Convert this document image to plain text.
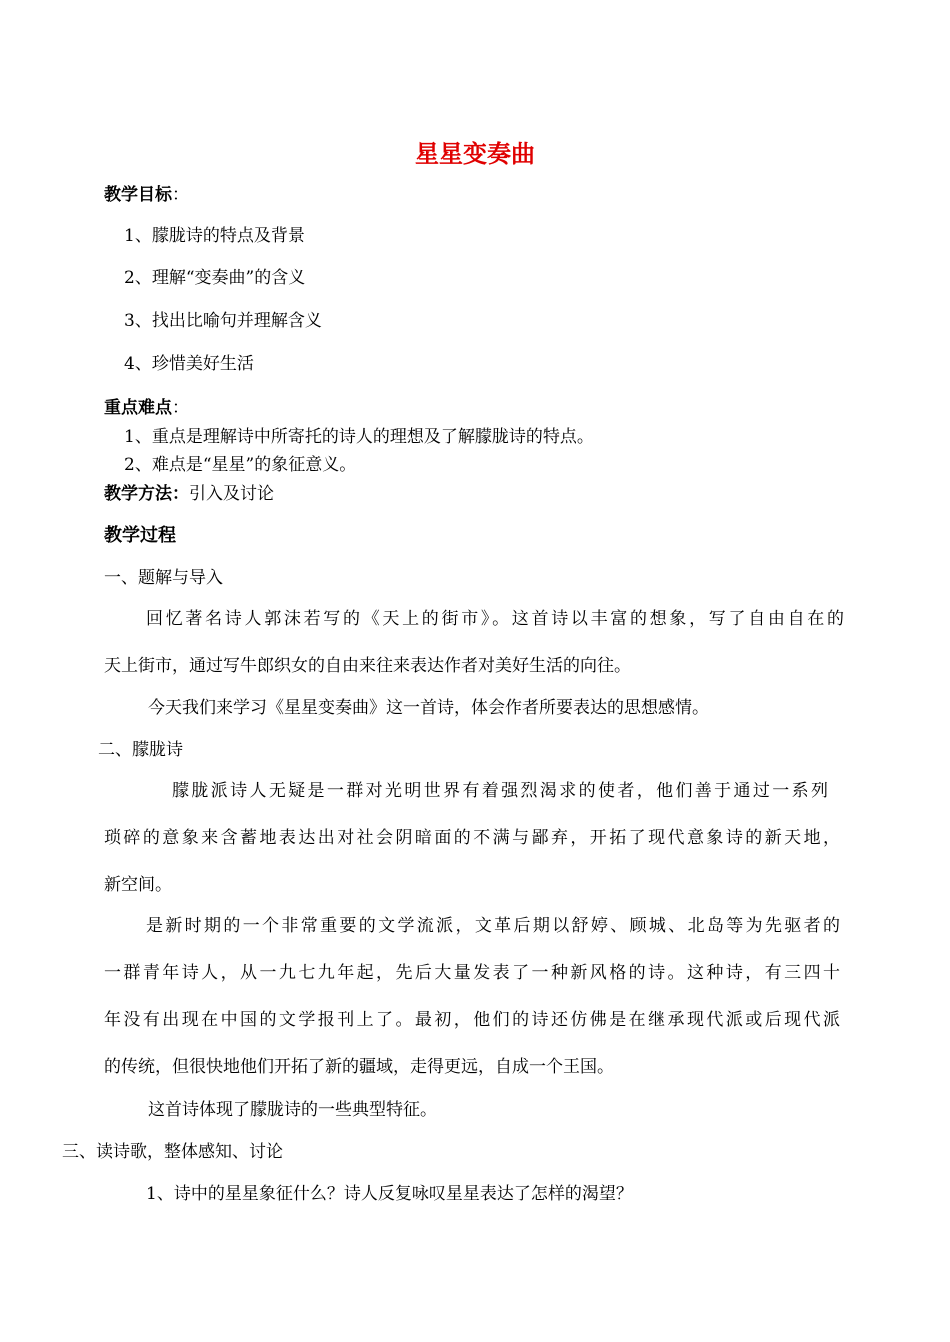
星星变奏曲
教学目标：
1、朦胧诗的特点及背景
2、理解“变奏曲”的含义
3、找出比喻句并理解含义
4、珍惜美好生活
重点难点：
1、重点是理解诗中所寄托的诗人的理想及了解朦胧诗的特点。
2、难点是“星星”的象征意义。
教学方法：引入及讨论
教学过程
一、题解与导入
回忆著名诗人郭沫若写的《天上的街市》。这首诗以丰富的想象，写了自由自在的
天上街市，通过写牛郎织女的自由来往来表达作者对美好生活的向往。
今天我们来学习《星星变奏曲》这一首诗，体会作者所要表达的思想感情。
二、朦胧诗
朦胧派诗人无疑是一群对光明世界有着强烈渴求的使者，他们善于通过一系列
琐碎的意象来含蓄地表达出对社会阴暗面的不满与鄙弃，开拓了现代意象诗的新天地，
新空间。
是新时期的一个非常重要的文学流派，文革后期以舒婷、顾城、北岛等为先驱者的
一群青年诗人，从一九七九年起，先后大量发表了一种新风格的诗。这种诗，有三四十
年没有出现在中国的文学报刊上了。最初，他们的诗还仿佛是在继承现代派或后现代派
的传统，但很快地他们开拓了新的疆域，走得更远，自成一个王国。
这首诗体现了朦胧诗的一些典型特征。
三、读诗歌，整体感知、讨论
1、诗中的星星象征什么？诗人反复咏叹星星表达了怎样的渴望？
